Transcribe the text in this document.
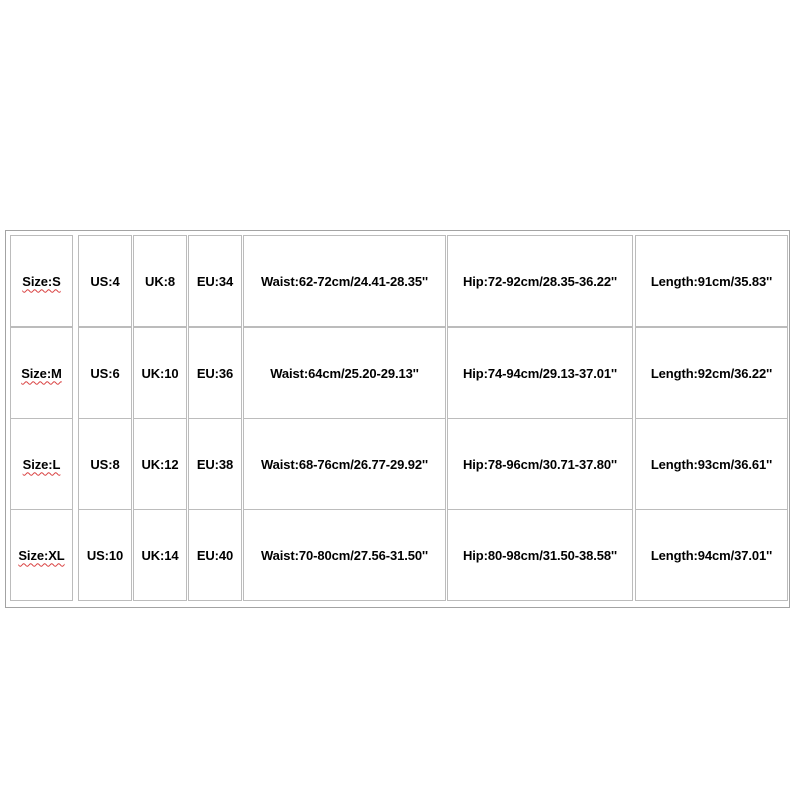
Size:S	US:4	UK:8	EU:34	Waist:62-72cm/24.41-28.35''	Hip:72-92cm/28.35-36.22''	Length:91cm/35.83''
Size:M	US:6	UK:10	EU:36	Waist:64cm/25.20-29.13''	Hip:74-94cm/29.13-37.01''	Length:92cm/36.22''
Size:L	US:8	UK:12	EU:38	Waist:68-76cm/26.77-29.92''	Hip:78-96cm/30.71-37.80''	Length:93cm/36.61''
Size:XL	US:10	UK:14	EU:40	Waist:70-80cm/27.56-31.50''	Hip:80-98cm/31.50-38.58''	Length:94cm/37.01''
